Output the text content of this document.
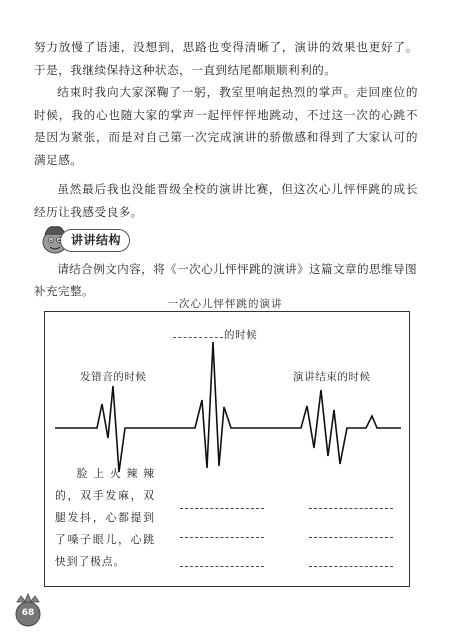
努力放慢了语速，没想到，思路也变得清晰了，演讲的效果也更好了。于是，我继续保持这种状态，一直到结尾都顺顺利利的。

结束时我向大家深鞠了一躬，教室里响起热烈的掌声。走回座位的时候，我的心也随大家的掌声一起怦怦怦地跳动，不过这一次的心跳不是因为紧张，而是对自己第一次完成演讲的骄傲感和得到了大家认可的满足感。

虽然最后我也没能晋级全校的演讲比赛，但这次心儿怦怦跳的成长经历让我感受良多。

讲讲结构

请结合例文内容，将《一次心儿怦怦跳的演讲》这篇文章的思维导图补充完整。

一次心儿怦怦跳的演讲
的时候
发错音的时候	演讲结束的时候

脸上火辣辣的，双手发麻，双腿发抖，心都提到了嗓子眼儿，心跳快到了极点。

68
